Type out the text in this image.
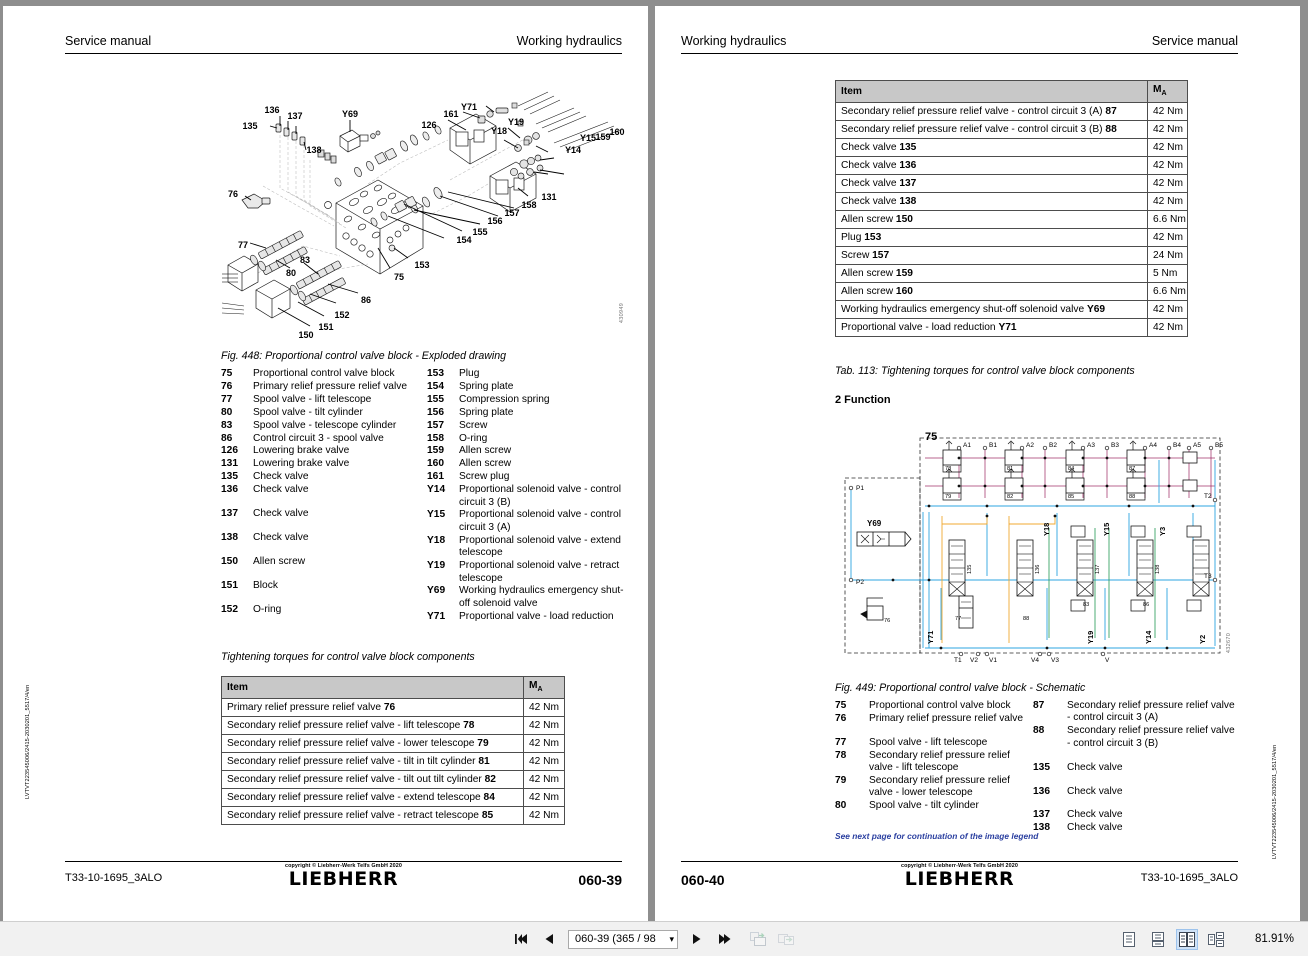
Service manual	Working hydraulics
136
137
135
138
Y69
Y71
161
126	Y19
Y18
Y15
Y14
160
159
131
158
157
156
155
154
153
75
76
77
80
83
86
152
151
150
430949
Fig. 448: Proportional control valve block - Exploded drawing
75	Proportional control valve block
76	Primary relief pressure relief valve
77	Spool valve - lift telescope
80	Spool valve - tilt cylinder
83	Spool valve - telescope cylinder
86	Control circuit 3 - spool valve
126	Lowering brake valve
131	Lowering brake valve
135	Check valve
136	Check valve
137	Check valve
138	Check valve
150	Allen screw
151	Block
152	O-ring
153	Plug
154	Spring plate
155	Compression spring
156	Spring plate
157	Screw
158	O-ring
159	Allen screw
160	Allen screw
161	Screw plug
Y14	Proportional solenoid valve - control circuit 3 (B)
Y15	Proportional solenoid valve - control circuit 3 (A)
Y18	Proportional solenoid valve - extend telescope
Y19	Proportional solenoid valve - retract telescope
Y69	Working hydraulics emergency shut-off solenoid valve
Y71	Proportional valve - load reduction
Tightening torques for control valve block components
Item	$M_A$
Primary relief pressure relief valve 76	42 Nm
Secondary relief pressure relief valve - lift telescope 78	42 Nm
Secondary relief pressure relief valve - lower telescope 79	42 Nm
Secondary relief pressure relief valve - tilt in tilt cylinder 81	42 Nm
Secondary relief pressure relief valve - tilt out tilt cylinder 82	42 Nm
Secondary relief pressure relief valve - extend telescope 84	42 Nm
Secondary relief pressure relief valve - retract telescope 85	42 Nm
LVTVT223545006/2415-2030201_5517/4/en
T33-10-1695_3ALO
copyright © Liebherr-Werk Telfs GmbH 2020
LIEBHERR	060-39
Working hydraulics	Service manual
Item	$M_A$
Secondary relief pressure relief valve - control circuit 3 (A) 87	42 Nm
Secondary relief pressure relief valve - control circuit 3 (B) 88	42 Nm
Check valve 135	42 Nm
Check valve 136	42 Nm
Check valve 137	42 Nm
Check valve 138	42 Nm
Allen screw 150	6.6 Nm
Plug 153	42 Nm
Screw 157	24 Nm
Allen screw 159	5 Nm
Allen screw 160	6.6 Nm
Working hydraulics emergency shut-off solenoid valve Y69	42 Nm
Proportional valve - load reduction Y71	42 Nm
Tab. 113: Tightening torques for control valve block components
2 Function
75
A1	B1	A2 B2	A3 B3	A4 B4 A5 B5
P1
P2
T2
T3
T1 V2 V1	V4 V3	V
Y69	Y18	Y15	Y3
Y71	Y19	Y14	Y2
78	81	84	87
79	82	85	88
76	77	88
83	86
135	136	137	138
432670
Fig. 449: Proportional control valve block - Schematic
75	Proportional control valve block
76	Primary relief pressure relief valve
77	Spool valve - lift telescope
78	Secondary relief pressure relief valve - lift telescope
79	Secondary relief pressure relief valve - lower telescope
80	Spool valve - tilt cylinder
87	Secondary relief pressure relief valve - control circuit 3 (A)
88	Secondary relief pressure relief valve - control circuit 3 (B)
135	Check valve
136	Check valve
137	Check valve
138	Check valve
See next page for continuation of the image legend	LVTVT223545006/2415-2030201_5517/4/en
060-40
copyright © Liebherr-Werk Telfs GmbH 2020
LIEBHERR	T33-10-1695_3ALO
060-39 (365 / 98 ▾	81.91%
